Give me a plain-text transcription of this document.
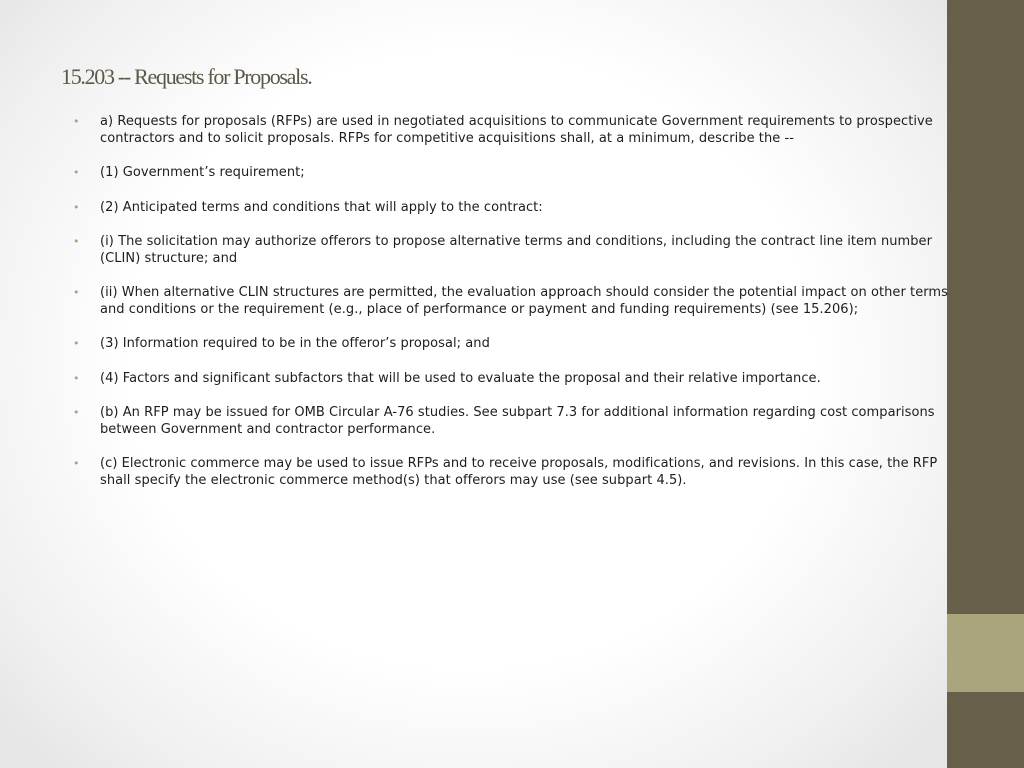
15.203 -- Requests for Proposals.
• a) Requests for proposals (RFPs) are used in negotiated acquisitions to communicate Government requirements to prospective contractors and to solicit proposals. RFPs for competitive acquisitions shall, at a minimum, describe the --
• (1) Government’s requirement;
• (2) Anticipated terms and conditions that will apply to the contract:
• (i) The solicitation may authorize offerors to propose alternative terms and conditions, including the contract line item number (CLIN) structure; and
• (ii) When alternative CLIN structures are permitted, the evaluation approach should consider the potential impact on other terms and conditions or the requirement (e.g., place of performance or payment and funding requirements) (see 15.206);
• (3) Information required to be in the offeror’s proposal; and
• (4) Factors and significant subfactors that will be used to evaluate the proposal and their relative importance.
• (b) An RFP may be issued for OMB Circular A-76 studies. See subpart 7.3 for additional information regarding cost comparisons between Government and contractor performance.
• (c) Electronic commerce may be used to issue RFPs and to receive proposals, modifications, and revisions. In this case, the RFP shall specify the electronic commerce method(s) that offerors may use (see subpart 4.5).
